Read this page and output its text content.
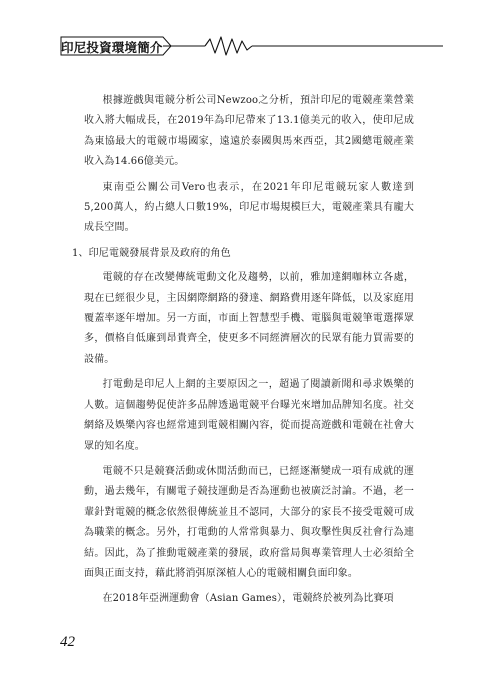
印尼投資環境簡介

根據遊戲與電競分析公司Newzoo之分析，預計印尼的電競產業營業收入將大幅成長，在2019年為印尼帶來了13.1億美元的收入，使印尼成為東協最大的電競市場國家，遠遠於泰國與馬來西亞，其2國總電競產業收入為14.66億美元。

東南亞公關公司Vero也表示，在2021年印尼電競玩家人數達到5,200萬人，約占總人口數19%，印尼市場規模巨大，電競產業具有龐大成長空間。

1、印尼電競發展背景及政府的角色

電競的存在改變傳統電動文化及趨勢，以前，雅加達網咖林立各處，現在已經很少見，主因網際網路的發達、網路費用逐年降低，以及家庭用覆蓋率逐年增加。另一方面，市面上智慧型手機、電腦與電競筆電選擇眾多，價格自低廉到昂貴齊全，使更多不同經濟層次的民眾有能力買需要的設備。

打電動是印尼人上網的主要原因之一，超過了閱讀新聞和尋求娛樂的人數。這個趨勢促使許多品牌透過電競平台曝光來增加品牌知名度。社交網絡及娛樂內容也經常連到電競相關內容，從而提高遊戲和電競在社會大眾的知名度。

電競不只是競賽活動或休閒活動而已，已經逐漸變成一項有成就的運動，過去幾年，有關電子競技運動是否為運動也被廣泛討論。不過，老一輩針對電競的概念依然很傳統並且不認同，大部分的家長不接受電競可成為職業的概念。另外，打電動的人常常與暴力、與攻擊性與反社會行為連結。因此，為了推動電競產業的發展，政府當局與專業管理人士必須給全面與正面支持，藉此將消弭原深植人心的電競相關負面印象。

在2018年亞洲運動會（Asian Games），電競終於被列為比賽項

42
